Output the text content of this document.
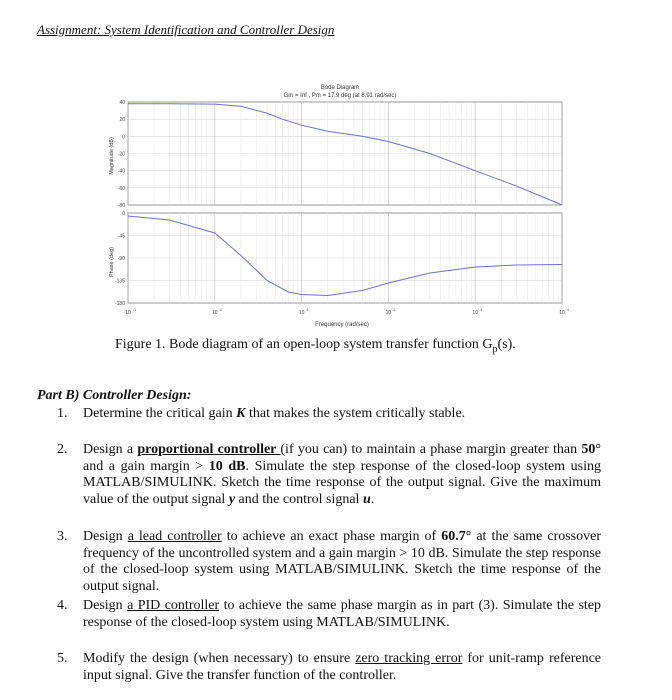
Assignment: System Identification and Controller Design
Bode Diagram
Gm = Inf , Pm = 17.9 deg (at 8.91 rad/sec)
40
20
0
-20
-40
-60
-80
0
-45
-90
-135
-180
10 -1	10 0	10 1	10 2	10 3	10 4
Magnitude (dB)
Phase (deg)
Frequency (rad/sec)
Figure 1. Bode diagram of an open-loop system transfer function $G_p(s)$.
Part B) Controller Design:
1. Determine the critical gain K that makes the system critically stable.
2. Design a proportional controller (if you can) to maintain a phase margin greater than 50° and a gain margin > 10 dB. Simulate the step response of the closed-loop system using MATLAB/SIMULINK. Sketch the time response of the output signal. Give the maximum value of the output signal y and the control signal u.
3. Design a lead controller to achieve an exact phase margin of 60.7° at the same crossover frequency of the uncontrolled system and a gain margin > 10 dB. Simulate the step response of the closed-loop system using MATLAB/SIMULINK. Sketch the time response of the output signal.
4. Design a PID controller to achieve the same phase margin as in part (3). Simulate the step response of the closed-loop system using MATLAB/SIMULINK.
5. Modify the design (when necessary) to ensure zero tracking error for unit-ramp reference input signal. Give the transfer function of the controller.
